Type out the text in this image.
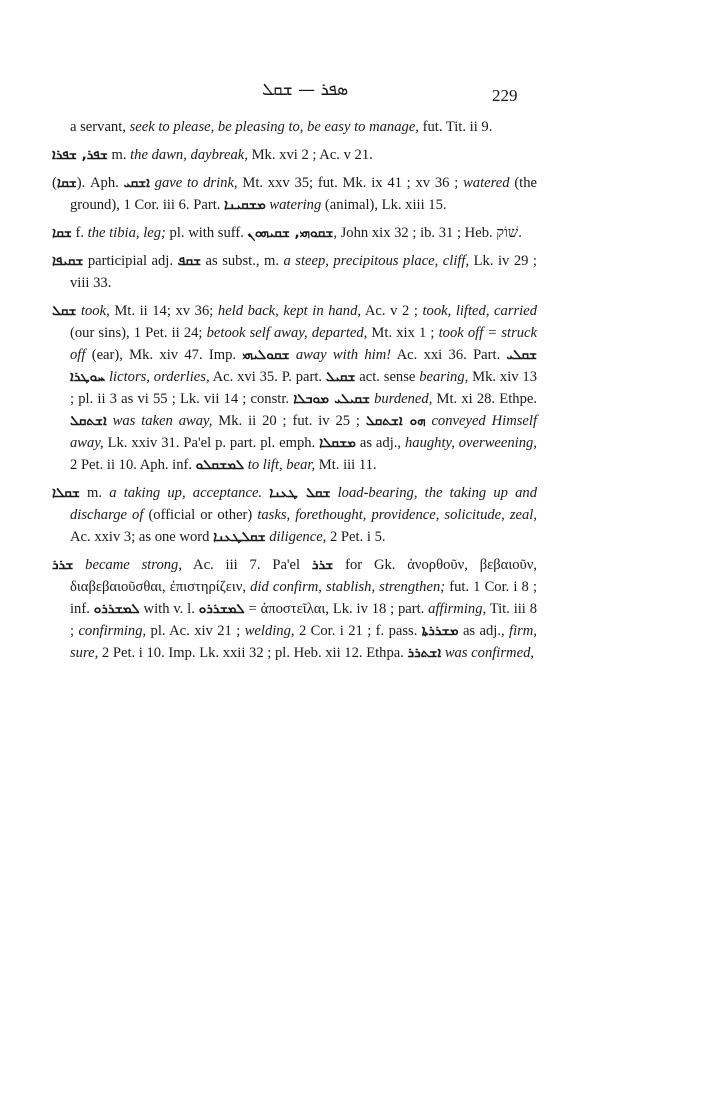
ܣܦܪ — ܫܩܠ	229

a servant, seek to please, be pleasing to, be easy to manage, fut. Tit. ii 9.

ܫܦܪ, ܫܦܪܐ m. the dawn, daybreak, Mk. xvi 2 ; Ac. v 21.

(ܫܩܐ). Aph. ܐܫܩܝ gave to drink, Mt. xxv 35; fut. Mk. ix 41 ; xv 36 ; watered (the ground), 1 Cor. iii 6. Part. ܡܫܩܝܢܐ watering (animal), Lk. xiii 15.

ܫܩܐ f. the tibia, leg; pl. with suff. ܫܩܘܗܝ, ܫܩܝܗܘܢ, John xix 32 ; ib. 31 ; Heb. שׁוֹק.

ܫܩܝܦܐ participial adj. ܫܩܦ as subst., m. a steep, precipitous place, cliff, Lk. iv 29 ; viii 33.

ܫܩܠ took, Mt. ii 14; xv 36; held back, kept in hand, Ac. v 2 ; took, lifted, carried (our sins), 1 Pet. ii 24; betook self away, departed, Mt. xix 1 ; took off = struck off (ear), Mk. xiv 47. Imp. ܫܩܘܠܝܗܝ away with him! Ac. xxi 36. Part. ܫܩܠܝ ܚܘܛܪܐ lictors, orderlies, Ac. xvi 35. P. part. ܫܩܝܠ act. sense bearing, Mk. xiv 13 ; pl. ii 3 as vi 55 ; Lk. vii 14 ; constr. ܫܩܝܠܝ ܡܘܒܠܐ burdened, Mt. xi 28. Ethpe. ܐܫܬܩܠ was taken away, Mk. ii 20 ; fut. iv 25 ; ܗܘ ܐܫܬܩܠ conveyed Himself away, Lk. xxiv 31. Pa'el p. part. pl. emph. ܡܫܩܠܐ as adj., haughty, overweening, 2 Pet. ii 10. Aph. inf. ܠܡܫܩܠܘ to lift, bear, Mt. iii 11.

ܫܩܠܐ m. a taking up, acceptance. ܫܩܠ ܛܥܢܐ load-bearing, the taking up and discharge of (official or other) tasks, forethought, providence, solicitude, zeal, Ac. xxiv 3; as one word ܫܩܠܛܥܢܐ diligence, 2 Pet. i 5.

ܫܪܪ became strong, Ac. iii 7. Pa'el ܫܪܪ for Gk. ἀνορθοῦν, βεβαιοῦν, διαβεβαιοῦσθαι, ἐπιστηρίζειν, did confirm, stablish, strengthen; fut. 1 Cor. i 8 ; inf. ܠܡܫܪܪܘ with v. l. ܠܡܫܪܪܘ = ἀποστεῖλαι, Lk. iv 18 ; part. affirming, Tit. iii 8 ; confirming, pl. Ac. xiv 21 ; welding, 2 Cor. i 21 ; f. pass. ܡܫܪܪܬܐ as adj., firm, sure, 2 Pet. i 10. Imp. Lk. xxii 32 ; pl. Heb. xii 12. Ethpa. ܐܫܬܪܪ was confirmed,
